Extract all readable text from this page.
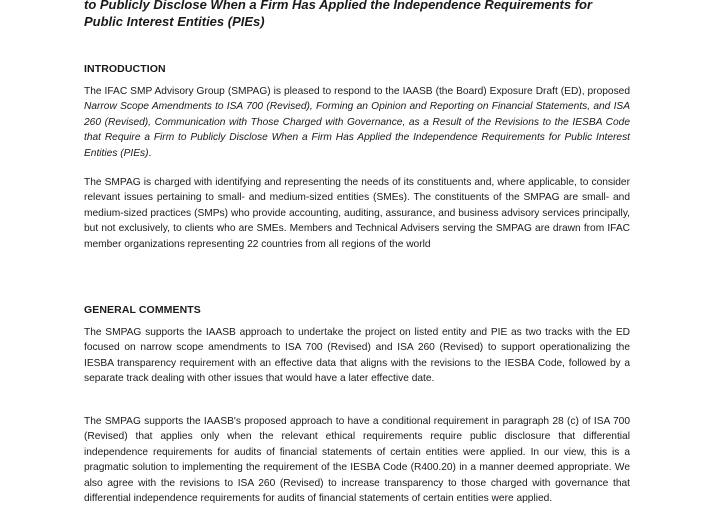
to Publicly Disclose When a Firm Has Applied the Independence Requirements for
Public Interest Entities (PIEs)
INTRODUCTION

The IFAC SMP Advisory Group (SMPAG) is pleased to respond to the IAASB (the Board) Exposure Draft (ED), proposed Narrow Scope Amendments to ISA 700 (Revised), Forming an Opinion and Reporting on Financial Statements, and ISA 260 (Revised), Communication with Those Charged with Governance, as a Result of the Revisions to the IESBA Code that Require a Firm to Publicly Disclose When a Firm Has Applied the Independence Requirements for Public Interest Entities (PIEs).

The SMPAG is charged with identifying and representing the needs of its constituents and, where applicable, to consider relevant issues pertaining to small- and medium-sized entities (SMEs). The constituents of the SMPAG are small- and medium-sized practices (SMPs) who provide accounting, auditing, assurance, and business advisory services principally, but not exclusively, to clients who are SMEs. Members and Technical Advisers serving the SMPAG are drawn from IFAC member organizations representing 22 countries from all regions of the world

GENERAL COMMENTS

The SMPAG supports the IAASB approach to undertake the project on listed entity and PIE as two tracks with the ED focused on narrow scope amendments to ISA 700 (Revised) and ISA 260 (Revised) to support operationalizing the IESBA transparency requirement with an effective data that aligns with the revisions to the IESBA Code, followed by a separate track dealing with other issues that would have a later effective date.

The SMPAG supports the IAASB's proposed approach to have a conditional requirement in paragraph 28 (c) of ISA 700 (Revised) that applies only when the relevant ethical requirements require public disclosure that differential independence requirements for audits of financial statements of certain entities were applied. In our view, this is a pragmatic solution to implementing the requirement of the IESBA Code (R400.20) in a manner deemed appropriate. We also agree with the revisions to ISA 260 (Revised) to increase transparency to those charged with governance that differential independence requirements for audits of financial statements of certain entities were applied.
